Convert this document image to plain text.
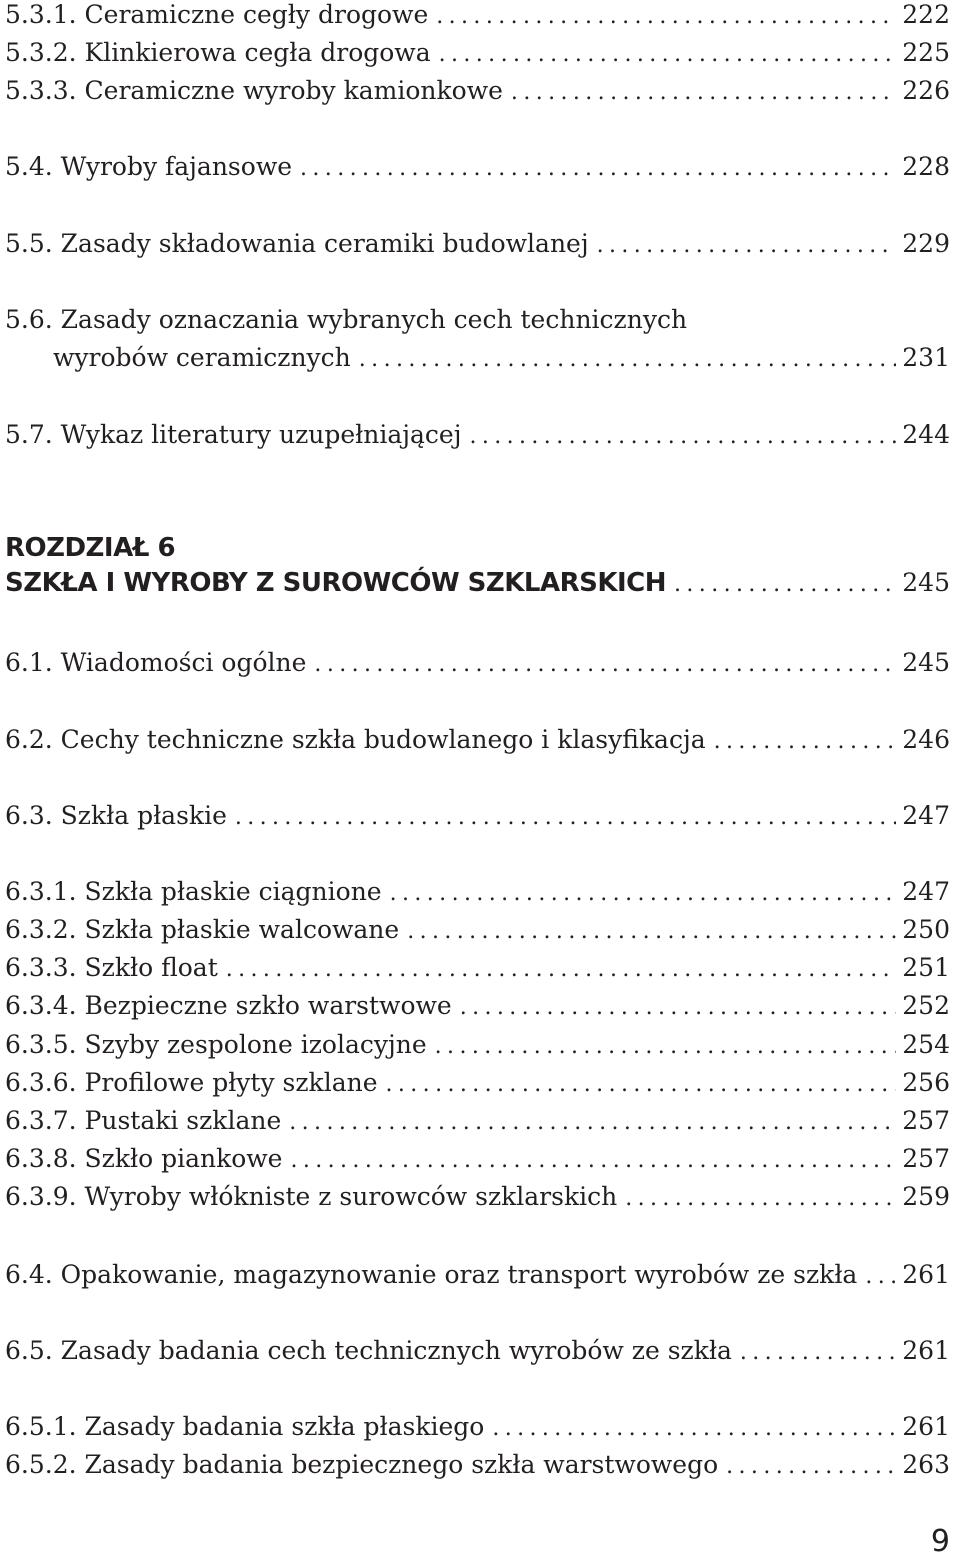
5.3.1. Ceramiczne cegły drogowe .....	222
5.3.2. Klinkierowa cegła drogowa .....	225
5.3.3. Ceramiczne wyroby kamionkowe .....	226
5.4. Wyroby fajansowe .....	228
5.5. Zasady składowania ceramiki budowlanej .....	229
5.6. Zasady oznaczania wybranych cech technicznych
wyrobów ceramicznych .....	231
5.7. Wykaz literatury uzupełniającej .....	244
ROZDZIAŁ 6
SZKŁA I WYROBY Z SUROWCÓW SZKLARSKICH .....	245
6.1. Wiadomości ogólne .....	245
6.2. Cechy techniczne szkła budowlanego i klasyfikacja .....	246
6.3. Szkła płaskie .....	247
6.3.1. Szkła płaskie ciągnione .....	247
6.3.2. Szkła płaskie walcowane .....	250
6.3.3. Szkło float .....	251
6.3.4. Bezpieczne szkło warstwowe .....	252
6.3.5. Szyby zespolone izolacyjne .....	254
6.3.6. Profilowe płyty szklane .....	256
6.3.7. Pustaki szklane .....	257
6.3.8. Szkło piankowe .....	257
6.3.9. Wyroby włókniste z surowców szklarskich .....	259
6.4. Opakowanie, magazynowanie oraz transport wyrobów ze szkła ..... 261
6.5. Zasady badania cech technicznych wyrobów ze szkła .....	261
6.5.1. Zasady badania szkła płaskiego .....	261
6.5.2. Zasady badania bezpiecznego szkła warstwowego .....	263
9
